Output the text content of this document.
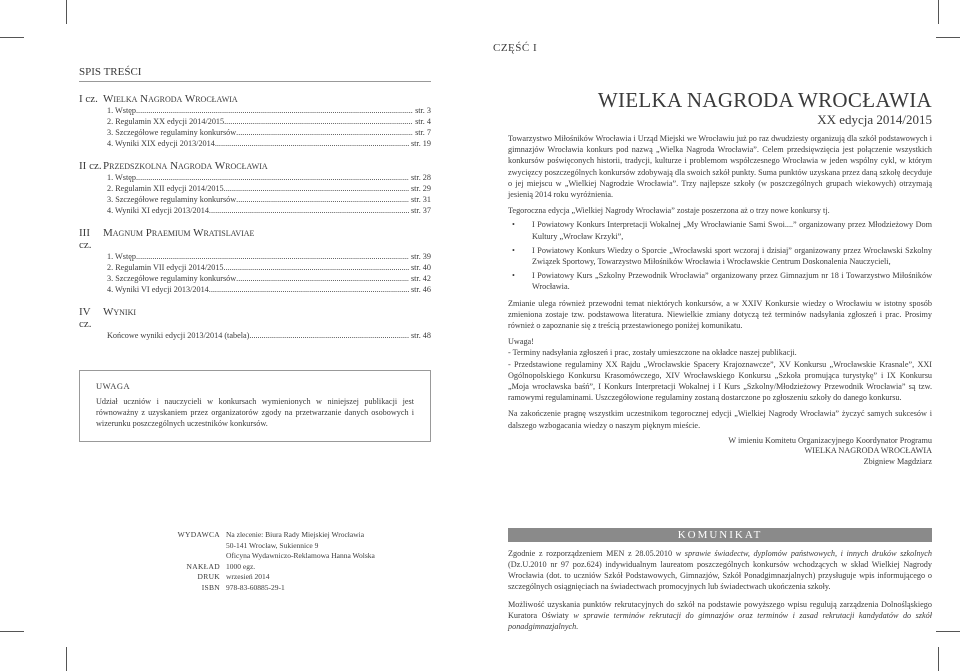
CZĘŚĆ I
SPIS TREŚCI
I cz. Wielka Nagroda Wrocławia
1. Wstęp .....	str. 3
2. Regulamin XX edycji 2014/2015 .....	str. 4
3. Szczegółowe regulaminy konkursów .....	str. 7
4. Wyniki XIX edycji 2013/2014 .....	str. 19
II cz. Przedszkolna Nagroda Wrocławia
1. Wstęp .....	str. 28
2. Regulamin XII edycji 2014/2015 .....	str. 29
3. Szczegółowe regulaminy konkursów .....	str. 31
4. Wyniki XI edycji 2013/2014 .....	str. 37
III cz.
Magnum Praemium Wratislaviae
1. Wstęp .....	str. 39
2. Regulamin VII edycji 2014/2015 .....	str. 40
3. Szczegółowe regulaminy konkursów .....	str. 42
4. Wyniki VI edycji 2013/2014 .....	str. 46
IV cz.
Wyniki
Końcowe wyniki edycji 2013/2014 (tabela) .....	str. 48
UWAGA
Udział uczniów i nauczycieli w konkursach wymienionych w niniejszej publikacji jest równoważny z uzyskaniem przez organizatorów zgody na przetwarzanie danych osobowych i wizerunku poszczególnych uczestników konkursów.
WYDAWCA Na zlecenie: Biura Rady Miejskiej Wrocławia
50-141 Wrocław, Sukiennice 9
Oficyna Wydawniczo-Reklamowa Hanna Wolska
NAKŁAD 1000 egz.
DRUK wrzesień 2014
ISBN 978-83-60885-29-1
WIELKA NAGRODA WROCŁAWIA
XX edycja 2014/2015
Towarzystwo Miłośników Wrocławia i Urząd Miejski we Wrocławiu już po raz dwudziesty organizują dla szkół podstawowych i gimnazjów Wrocławia konkurs pod nazwą „Wielka Nagroda Wrocławia”. Celem przedsięwzięcia jest połączenie wszystkich konkursów poświęconych historii, tradycji, kulturze i problemom współczesnego Wrocławia w jeden wspólny cykl, w którym zwycięzcy poszczególnych konkursów zdobywają dla swoich szkół punkty. Suma punktów uzyskana przez daną szkołę decyduje o jej miejscu w „Wielkiej Nagrodzie Wrocławia”. Trzy najlepsze szkoły (w poszczególnych grupach wiekowych) otrzymają jesienią 2014 roku wyróżnienia.
Tegoroczna edycja „Wielkiej Nagrody Wrocławia” zostaje poszerzona aż o trzy nowe konkursy tj.
•	I Powiatowy Konkurs Interpretacji Wokalnej „My Wrocławianie Sami Swoi....” organizowany przez Młodzieżowy Dom Kultury „Wrocław Krzyki”,
•	I Powiatowy Konkurs Wiedzy o Sporcie „Wrocławski sport wczoraj i dzisiaj” organizowany przez Wrocławski Szkolny Związek Sportowy, Towarzystwo Miłośników Wrocławia i Wrocławskie Centrum Doskonalenia Nauczycieli,
•	I Powiatowy Kurs „Szkolny Przewodnik Wrocławia” organizowany przez Gimnazjum nr 18 i Towarzystwo Miłośników Wrocławia.
Zmianie ulega również przewodni temat niektórych konkursów, a w XXIV Konkursie wiedzy o Wrocławiu w istotny sposób zmieniona zostaje tzw. podstawowa literatura. Niewielkie zmiany dotyczą też terminów nadsyłania zgłoszeń i prac. Prosimy również o zapoznanie się z treścią przestawionego poniżej komunikatu.
Uwaga!
- Terminy nadsyłania zgłoszeń i prac, zostały umieszczone na okładce naszej publikacji.
- Przedstawione regulaminy XX Rajdu „Wrocławskie Spacery Krajoznawcze”, XV Konkursu „Wrocławskie Krasnale”, XXI Ogólnopolskiego Konkursu Krasomówczego, XIV Wrocławskiego Konkursu „Szkoła promująca turystykę” i IX Konkursu „Moja wrocławska baśń”, I Konkurs Interpretacji Wokalnej i I Kurs „Szkolny/Młodzieżowy Przewodnik Wrocławia” są tzw. ramowymi regulaminami. Uszczegółowione regulaminy zostaną dostarczone po zgłoszeniu szkoły do danego konkursu.
Na zakończenie pragnę wszystkim uczestnikom tegorocznej edycji „Wielkiej Nagrody Wrocławia” życzyć samych sukcesów i dalszego wzbogacania wiedzy o naszym pięknym mieście.
W imieniu Komitetu Organizacyjnego Koordynator Programu
WIELKA NAGRODA WROCŁAWIA
Zbigniew Magdziarz
KOMUNIKAT
Zgodnie z rozporządzeniem MEN z 28.05.2010 w sprawie świadectw, dyplomów państwowych, i innych druków szkolnych (Dz.U.2010 nr 97 poz.624) indywidualnym laureatom poszczególnych konkursów wchodzących w skład Wielkiej Nagrody Wrocławia (dot. to uczniów Szkół Podstawowych, Gimnazjów, Szkół Ponadgimnazjalnych) przysługuje wpis informującego o szczególnych osiągnięciach na świadectwach promocyjnych lub świadectwach ukończenia szkoły.
Możliwość uzyskania punktów rekrutacyjnych do szkół na podstawie powyższego wpisu regulują zarządzenia Dolnośląskiego Kuratora Oświaty w sprawie terminów rekrutacji do gimnazjów oraz terminów i zasad rekrutacji kandydatów do szkół ponadgimnazjalnych.
